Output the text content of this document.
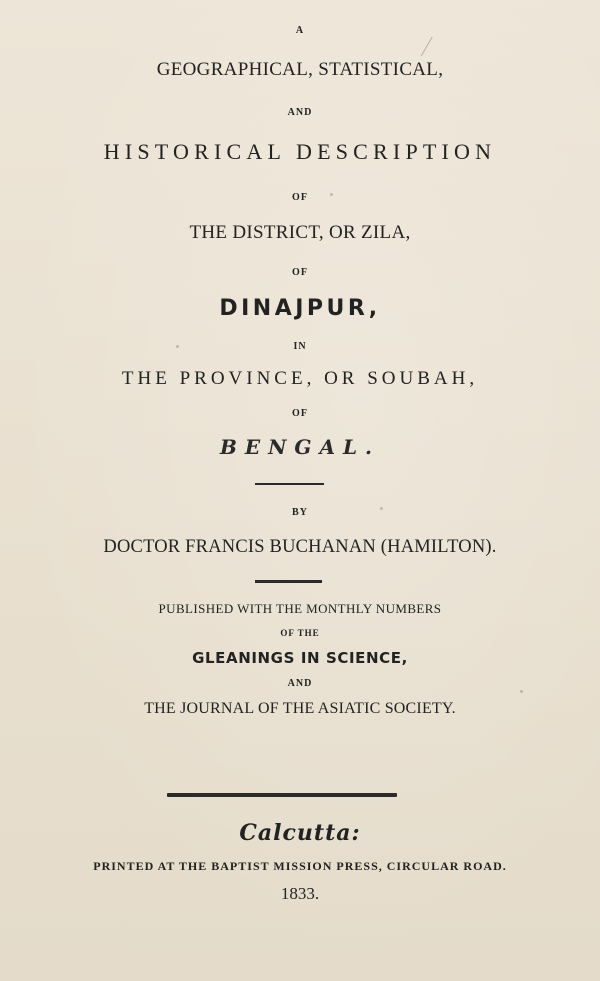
A
GEOGRAPHICAL, STATISTICAL,
AND
HISTORICAL DESCRIPTION
OF
THE DISTRICT, OR ZILA,
OF
DINAJPUR,
IN
THE PROVINCE, OR SOUBAH,
OF
BENGAL.
BY
DOCTOR FRANCIS BUCHANAN (HAMILTON).
PUBLISHED WITH THE MONTHLY NUMBERS
OF THE
GLEANINGS IN SCIENCE,
AND
THE JOURNAL OF THE ASIATIC SOCIETY.
Calcutta:
PRINTED AT THE BAPTIST MISSION PRESS, CIRCULAR ROAD.
1833.
